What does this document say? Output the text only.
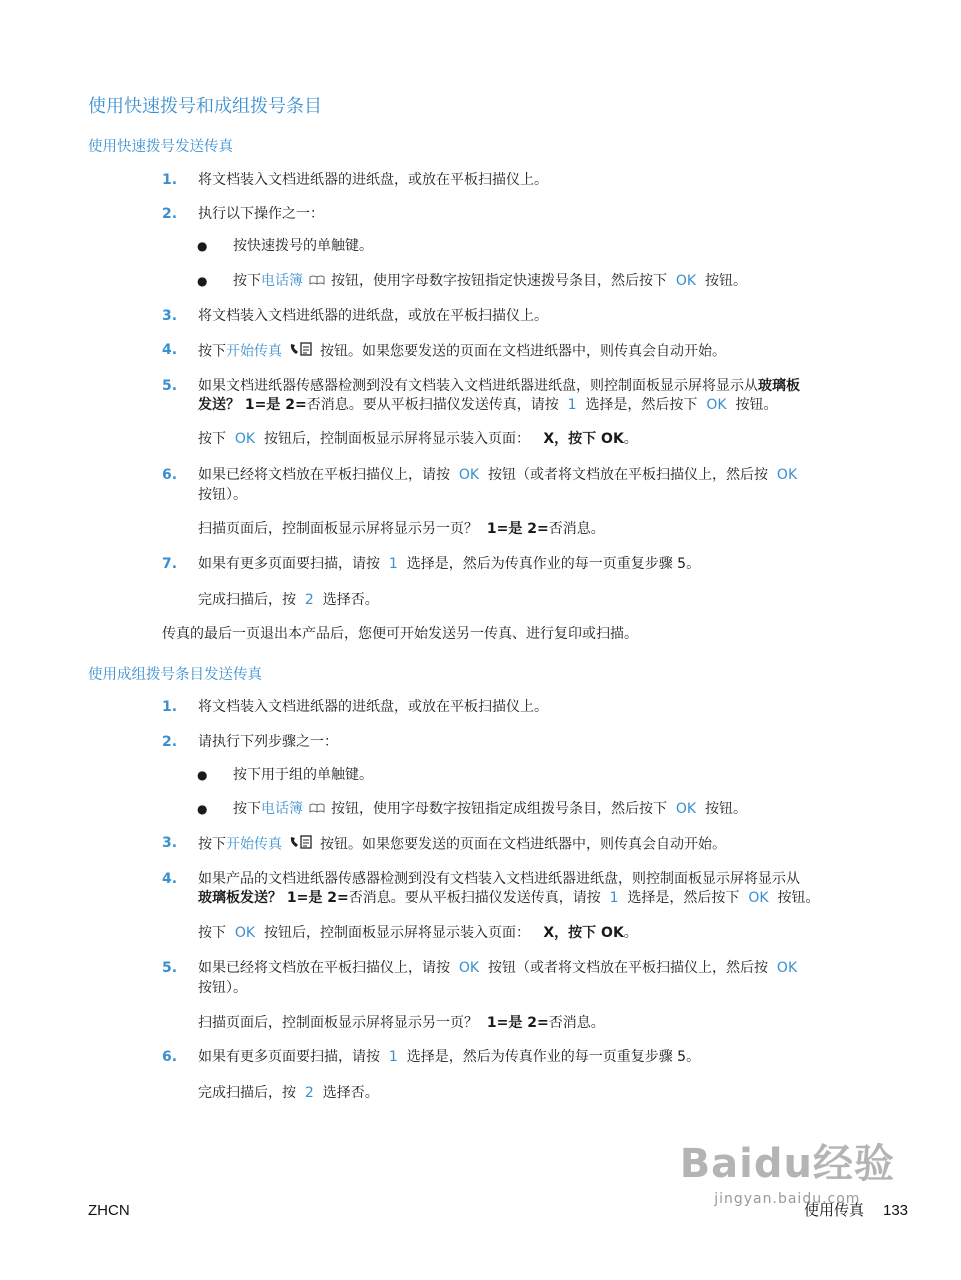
使用快速拨号和成组拨号条目
使用快速拨号发送传真
1.	将文档装入文档进纸器的进纸盘，或放在平板扫描仪上。
2.	执行以下操作之一：
● 按快速拨号的单触键。
● 按下电话簿 按钮，使用字母数字按钮指定快速拨号条目，然后按下 OK 按钮。
3.	将文档装入文档进纸器的进纸盘，或放在平板扫描仪上。
4.	按下开始传真	按钮。如果您要发送的页面在文档进纸器中，则传真会自动开始。
5.	如果文档进纸器传感器检测到没有文档装入文档进纸器进纸盘，则控制面板显示屏将显示从玻璃板
发送？ 1=是 2=否消息。要从平板扫描仪发送传真，请按 1 选择是，然后按下 OK 按钮。
按下 OK 按钮后，控制面板显示屏将显示装入页面： X，按下 OK。
6.	如果已经将文档放在平板扫描仪上，请按 OK 按钮（或者将文档放在平板扫描仪上，然后按 OK
按钮）。
扫描页面后，控制面板显示屏将显示另一页？ 1=是 2=否消息。
7.	如果有更多页面要扫描，请按 1 选择是，然后为传真作业的每一页重复步骤 5。
完成扫描后，按 2 选择否。
传真的最后一页退出本产品后，您便可开始发送另一传真、进行复印或扫描。
使用成组拨号条目发送传真
1.	将文档装入文档进纸器的进纸盘，或放在平板扫描仪上。
2.	请执行下列步骤之一：
● 按下用于组的单触键。
● 按下电话簿 按钮，使用字母数字按钮指定成组拨号条目，然后按下 OK 按钮。
3.	按下开始传真	按钮。如果您要发送的页面在文档进纸器中，则传真会自动开始。
4.	如果产品的文档进纸器传感器检测到没有文档装入文档进纸器进纸盘，则控制面板显示屏将显示从
玻璃板发送？ 1=是 2=否消息。要从平板扫描仪发送传真，请按 1 选择是，然后按下 OK 按钮。
按下 OK 按钮后，控制面板显示屏将显示装入页面： X，按下 OK。
5.	如果已经将文档放在平板扫描仪上，请按 OK 按钮（或者将文档放在平板扫描仪上，然后按 OK
按钮）。
扫描页面后，控制面板显示屏将显示另一页？ 1=是 2=否消息。
6.	如果有更多页面要扫描，请按 1 选择是，然后为传真作业的每一页重复步骤 5。
完成扫描后，按 2 选择否。
Baidu经验
jingyan.baidu.com
ZHCN	使用传真 133
